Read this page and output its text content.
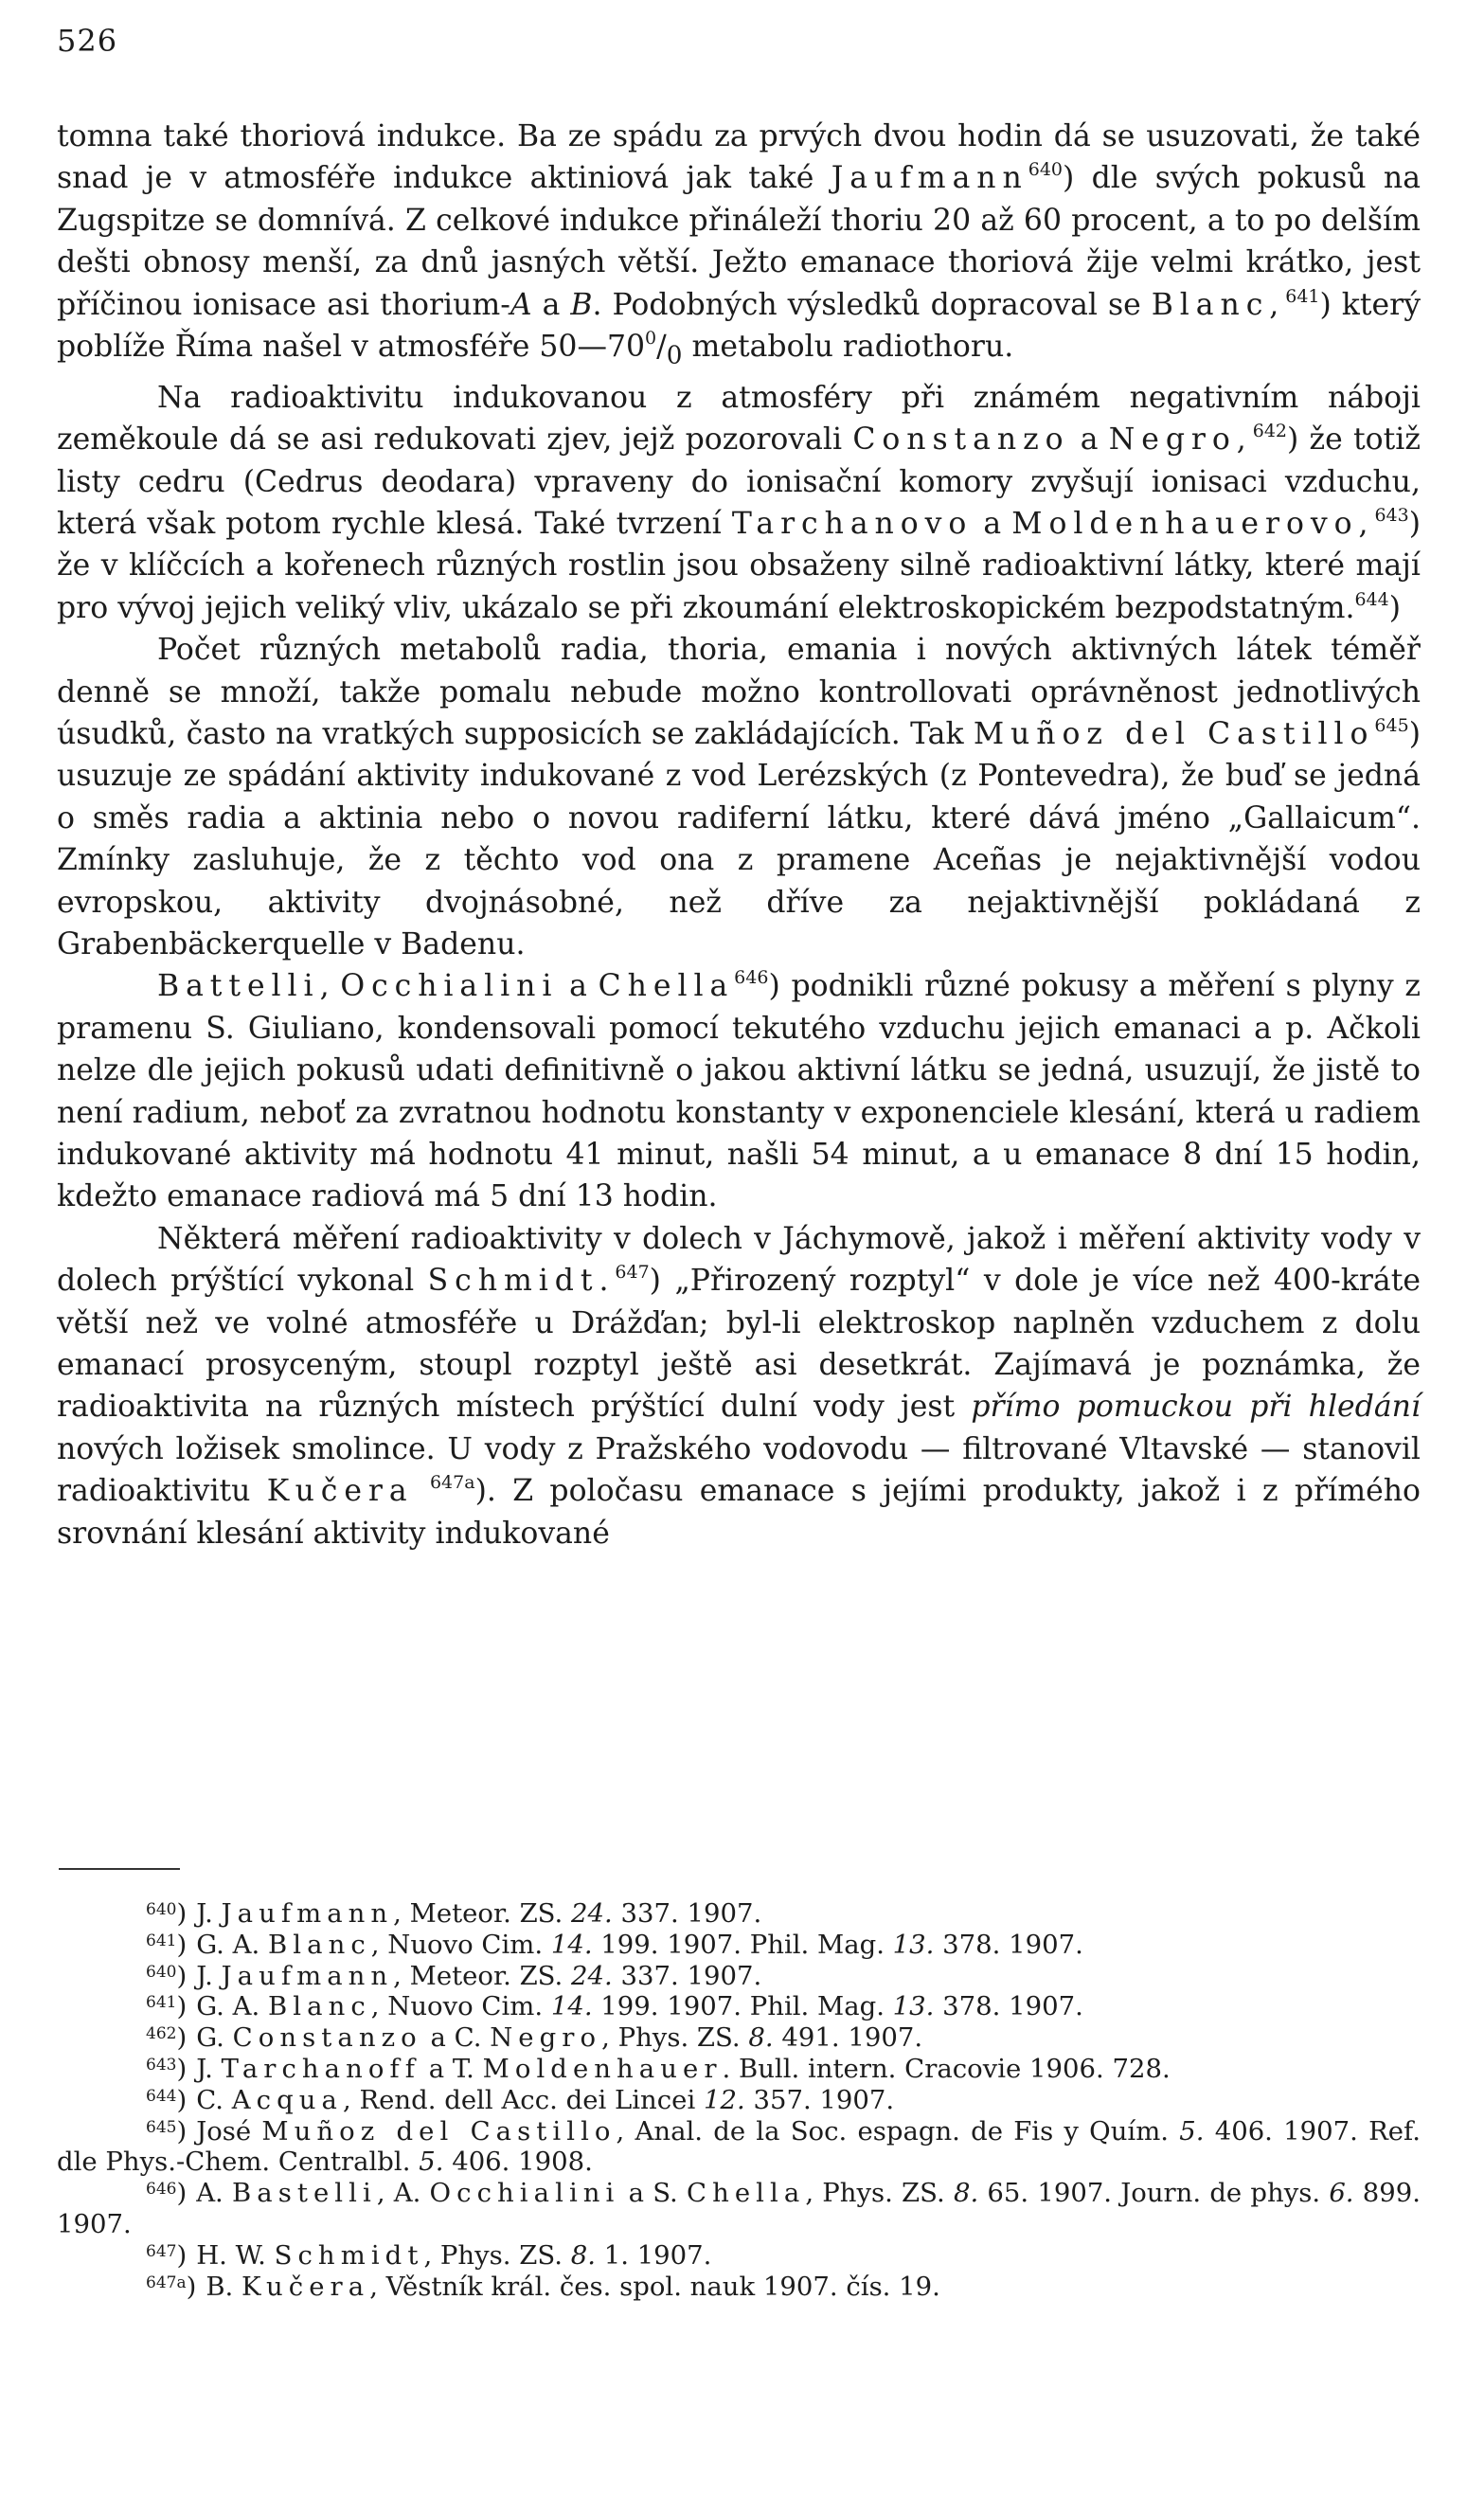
526

tomna také thoriová indukce. Ba ze spádu za prvých dvou hodin dá se usuzovati, že také snad je v atmosféře indukce aktiniová jak také Jaufmann$^{640}$) dle svých pokusů na Zugspitze se domnívá. Z celkové indukce přináleží thoriu 20 až 60 procent, a to po delším dešti obnosy menší, za dnů jasných větší. Ježto emanace thoriová žije velmi krátko, jest příčinou ionisace asi thorium-A a B. Podobných výsledků dopracoval se Blanc,$^{641}$) který poblíže Říma našel v atmosféře $50—70^0/_0$ metabolu radiothoru.

Na radioaktivitu indukovanou z atmosféry při známém negativním náboji zeměkoule dá se asi redukovati zjev, jejž pozorovali Constanzo a Negro,$^{642}$) že totiž listy cedru (Cedrus deodara) vpraveny do ionisační komory zvyšují ionisaci vzduchu, která však potom rychle klesá. Také tvrzení Tarchanovo a Moldenhauerovo,$^{643}$) že v klíčcích a kořenech různých rostlin jsou obsaženy silně radioaktivní látky, které mají pro vývoj jejich veliký vliv, ukázalo se při zkoumání elektroskopickém bezpodstatným.$^{644}$)

Počet různých metabolů radia, thoria, emania i nových aktivných látek téměř denně se množí, takže pomalu nebude možno kontrollovati oprávněnost jednotlivých úsudků, často na vratkých supposicích se zakládajících. Tak Muñoz del Castillo$^{645}$) usuzuje ze spádání aktivity indukované z vod Lerézských (z Pontevedra), že buď se jedná o směs radia a aktinia nebo o novou radiferní látku, které dává jméno „Gallaicum“. Zmínky zasluhuje, že z těchto vod ona z pramene Aceñas je nejaktivnější vodou evropskou, aktivity dvojnásobné, než dříve za nejaktivnější pokládaná z Grabenbäckerquelle v Badenu.

Battelli, Occhialini a Chella$^{646}$) podnikli různé pokusy a měření s plyny z pramenu S. Giuliano, kondensovali pomocí tekutého vzduchu jejich emanaci a p. Ačkoli nelze dle jejich pokusů udati definitivně o jakou aktivní látku se jedná, usuzují, že jistě to není radium, neboť za zvratnou hodnotu konstanty v exponenciele klesání, která u radiem indukované aktivity má hodnotu 41 minut, našli 54 minut, a u emanace 8 dní 15 hodin, kdežto emanace radiová má 5 dní 13 hodin.

Některá měření radioaktivity v dolech v Jáchymově, jakož i měření aktivity vody v dolech prýštící vykonal Schmidt.$^{647}$) „Přirozený rozptyl“ v dole je více než 400-kráte větší než ve volné atmosféře u Drážďan; byl-li elektroskop naplněn vzduchem z dolu emanací prosyceným, stoupl rozptyl ještě asi desetkrát. Zajímavá je poznámka, že radioaktivita na různých místech prýštící dulní vody jest přímo pomuckou při hledání nových ložisek smolince. U vody z Pražského vodovodu — filtrované Vltavské — stanovil radioaktivitu Kučera $^{647a}$). Z poločasu emanace s jejími produkty, jakož i z přímého srovnání klesání aktivity indukované

$^{640}$) J. Jaufmann, Meteor. ZS. 24. 337. 1907.

$^{641}$) G. A. Blanc, Nuovo Cim. 14. 199. 1907. Phil. Mag. 13. 378. 1907.

$^{640}$) J. Jaufmann, Meteor. ZS. 24. 337. 1907.

$^{641}$) G. A. Blanc, Nuovo Cim. 14. 199. 1907. Phil. Mag. 13. 378. 1907.

$^{462}$) G. Constanzo a C. Negro, Phys. ZS. 8. 491. 1907.

$^{643}$) J. Tarchanoff a T. Moldenhauer. Bull. intern. Cracovie 1906. 728.

$^{644}$) C. Acqua, Rend. dell Acc. dei Lincei 12. 357. 1907.

$^{645}$) José Muñoz del Castillo, Anal. de la Soc. espagn. de Fis y Quím. 5. 406. 1907. Ref. dle Phys.-Chem. Centralbl. 5. 406. 1908.

$^{646}$) A. Bastelli, A. Occhialini a S. Chella, Phys. ZS. 8. 65. 1907. Journ. de phys. 6. 899. 1907.

$^{647}$) H. W. Schmidt, Phys. ZS. 8. 1. 1907.

$^{647a}$) B. Kučera, Věstník král. čes. spol. nauk 1907. čís. 19.
